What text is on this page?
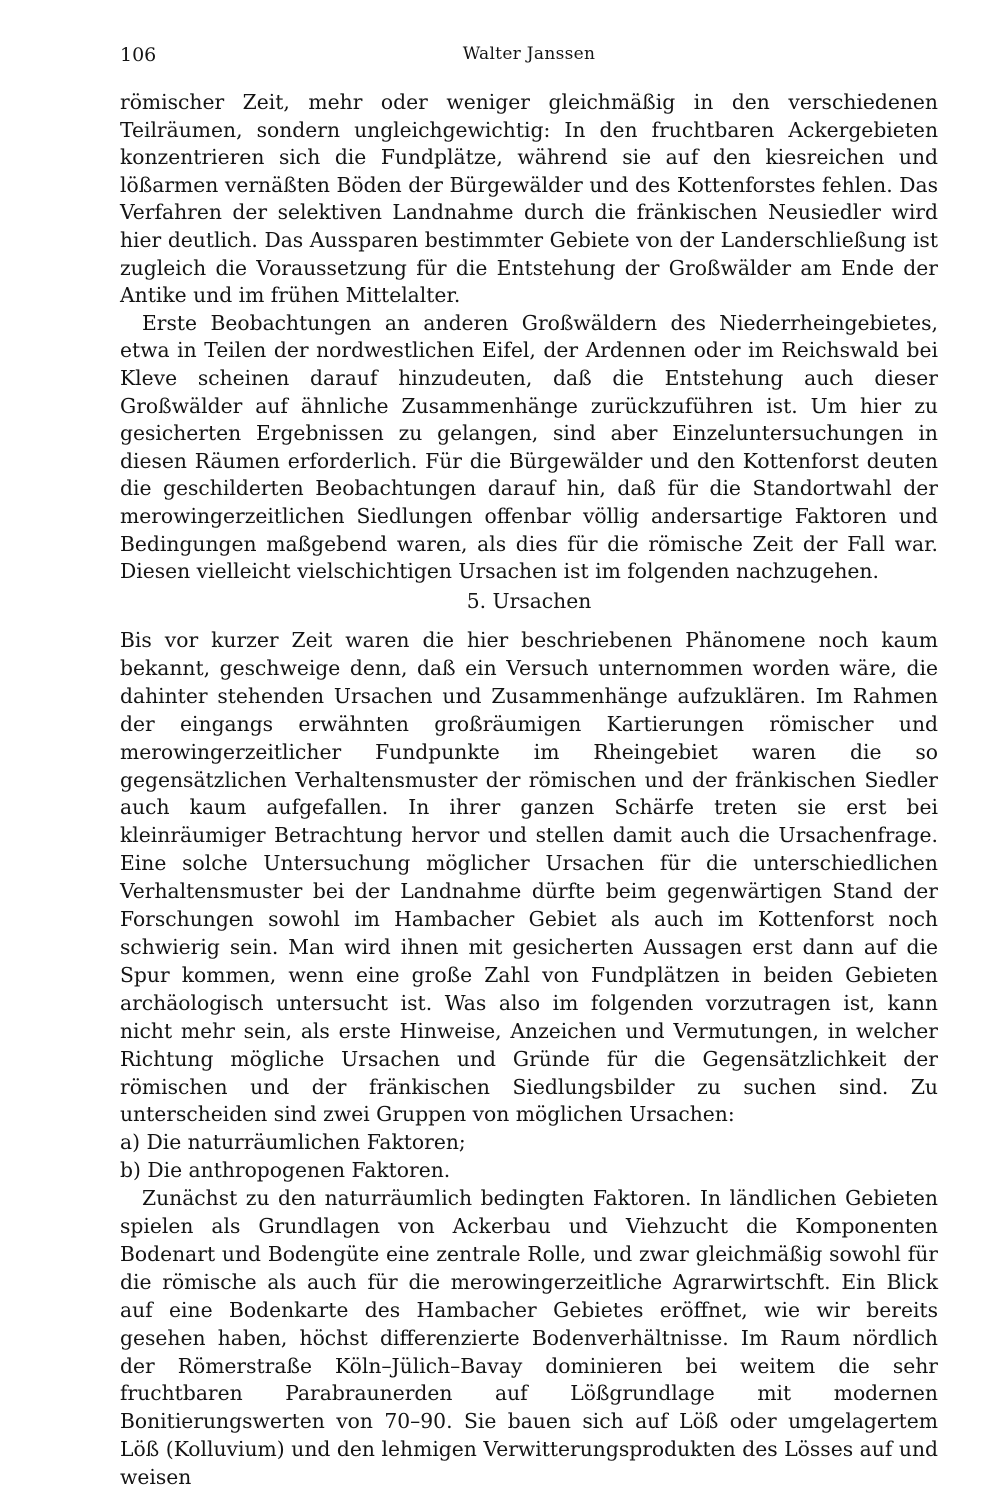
106	Walter Janssen

römischer Zeit, mehr oder weniger gleichmäßig in den verschiedenen Teilräumen, sondern ungleichgewichtig: In den fruchtbaren Ackergebieten konzentrieren sich die Fundplätze, während sie auf den kiesreichen und lößarmen vernäßten Böden der Bürgewälder und des Kottenforstes fehlen. Das Verfahren der selektiven Landnahme durch die fränkischen Neusiedler wird hier deutlich. Das Aussparen bestimmter Gebiete von der Landerschließung ist zugleich die Voraussetzung für die Entstehung der Großwälder am Ende der Antike und im frühen Mittelalter.

Erste Beobachtungen an anderen Großwäldern des Niederrheingebietes, etwa in Teilen der nordwestlichen Eifel, der Ardennen oder im Reichswald bei Kleve scheinen darauf hinzudeuten, daß die Entstehung auch dieser Großwälder auf ähnliche Zusammenhänge zurückzuführen ist. Um hier zu gesicherten Ergebnissen zu gelangen, sind aber Einzeluntersuchungen in diesen Räumen erforderlich. Für die Bürgewälder und den Kottenforst deuten die geschilderten Beobachtungen darauf hin, daß für die Standortwahl der merowingerzeitlichen Siedlungen offenbar völlig andersartige Faktoren und Bedingungen maßgebend waren, als dies für die römische Zeit der Fall war. Diesen vielleicht vielschichtigen Ursachen ist im folgenden nachzugehen.

5. Ursachen

Bis vor kurzer Zeit waren die hier beschriebenen Phänomene noch kaum bekannt, geschweige denn, daß ein Versuch unternommen worden wäre, die dahinter stehenden Ursachen und Zusammenhänge aufzuklären. Im Rahmen der eingangs erwähnten großräumigen Kartierungen römischer und merowingerzeitlicher Fundpunkte im Rheingebiet waren die so gegensätzlichen Verhaltensmuster der römischen und der fränkischen Siedler auch kaum aufgefallen. In ihrer ganzen Schärfe treten sie erst bei kleinräumiger Betrachtung hervor und stellen damit auch die Ursachenfrage. Eine solche Untersuchung möglicher Ursachen für die unterschiedlichen Verhaltensmuster bei der Landnahme dürfte beim gegenwärtigen Stand der Forschungen sowohl im Hambacher Gebiet als auch im Kottenforst noch schwierig sein. Man wird ihnen mit gesicherten Aussagen erst dann auf die Spur kommen, wenn eine große Zahl von Fundplätzen in beiden Gebieten archäologisch untersucht ist. Was also im folgenden vorzutragen ist, kann nicht mehr sein, als erste Hinweise, Anzeichen und Vermutungen, in welcher Richtung mögliche Ursachen und Gründe für die Gegensätzlichkeit der römischen und der fränkischen Siedlungsbilder zu suchen sind. Zu unterscheiden sind zwei Gruppen von möglichen Ursachen:

a) Die naturräumlichen Faktoren;

b) Die anthropogenen Faktoren.

Zunächst zu den naturräumlich bedingten Faktoren. In ländlichen Gebieten spielen als Grundlagen von Ackerbau und Viehzucht die Komponenten Bodenart und Bodengüte eine zentrale Rolle, und zwar gleichmäßig sowohl für die römische als auch für die merowingerzeitliche Agrarwirtschft. Ein Blick auf eine Bodenkarte des Hambacher Gebietes eröffnet, wie wir bereits gesehen haben, höchst differenzierte Bodenverhältnisse. Im Raum nördlich der Römerstraße Köln–Jülich–Bavay dominieren bei weitem die sehr fruchtbaren Parabraunerden auf Lößgrundlage mit modernen Bonitierungswerten von 70–90. Sie bauen sich auf Löß oder umgelagertem Löß (Kolluvium) und den lehmigen Verwitterungsprodukten des Lösses auf und weisen
